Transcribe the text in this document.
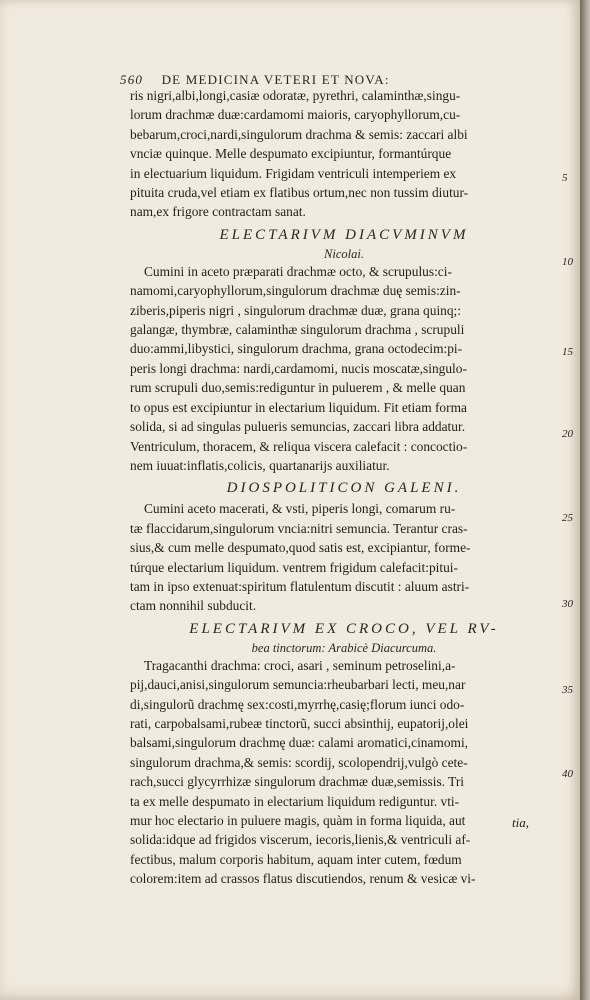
560 DE MEDICINA VETERI ET NOVA:

ris nigri,albi,longi,casiæ odoratæ, pyrethri, calaminthæ,singu-
lorum drachmæ duæ:cardamomi maioris, caryophyllorum,cu-
bebarum,croci,nardi,singulorum drachma & semis: zaccari albi
vnciæ quinque. Melle despumato excipiuntur, formantúrque
in electuarium liquidum. Frigidam ventriculi intemperiem ex
pituita cruda,vel etiam ex flatibus ortum,nec non tussim diutur-
nam,ex frigore contractam sanat.

ELECTARIVM DIACVMINVM
Nicolai.

Cumini in aceto præparati drachmæ octo, & scrupulus:ci-
namomi,caryophyllorum,singulorum drachmæ duę semis:zin-
ziberis,piperis nigri , singulorum drachmæ duæ, grana quinq;:
galangæ, thymbræ, calaminthæ singulorum drachma , scrupuli
duo:ammi,libystici, singulorum drachma, grana octodecim:pi-
peris longi drachma: nardi,cardamomi, nucis moscatæ,singulo-
rum scrupuli duo,semis:rediguntur in puluerem , & melle quan
to opus est excipiuntur in electarium liquidum. Fit etiam forma
solida, si ad singulas pulueris semuncias, zaccari libra addatur.
Ventriculum, thoracem, & reliqua viscera calefacit : concoctio-
nem iuuat:inflatis,colicis, quartanarijs auxiliatur.

DIOSPOLITICON GALENI.

Cumini aceto macerati, & vsti, piperis longi, comarum ru-
tæ flaccidarum,singulorum vncia:nitri semuncia. Terantur cras-
sius,& cum melle despumato,quod satis est, excipiantur, forme-
túrque electarium liquidum. ventrem frigidum calefacit:pitui-
tam in ipso extenuat:spiritum flatulentum discutit : aluum astri-
ctam nonnihil subducit.

ELECTARIVM EX CROCO, VEL RV-
bea tinctorum: Arabicè Diacurcuma.

Tragacanthi drachma: croci, asari , seminum petroselini,a-
pij,dauci,anisi,singulorum semuncia:rheubarbari lecti, meu,nar
di,singulorũ drachmę sex:costi,myrrhę,casię;florum iunci odo-
rati, carpobalsami,rubeæ tinctorũ, succi absinthij, eupatorij,olei
balsami,singulorum drachmę duæ: calami aromatici,cinamomi,
singulorum drachma,& semis: scordij, scolopendrij,vulgò cete-
rach,succi glycyrrhizæ singulorum drachmæ duæ,semissis. Tri
ta ex melle despumato in electarium liquidum rediguntur. vti-
mur hoc electario in puluere magis, quàm in forma liquida, aut
solida:idque ad frigidos viscerum, iecoris,lienis,& ventriculi af-
fectibus, malum corporis habitum, aquam inter cutem, fœdum
colorem:item ad crassos flatus discutiendos, renum & vesicæ vi-

5
10
15
20
25
30
35
40
tia,
